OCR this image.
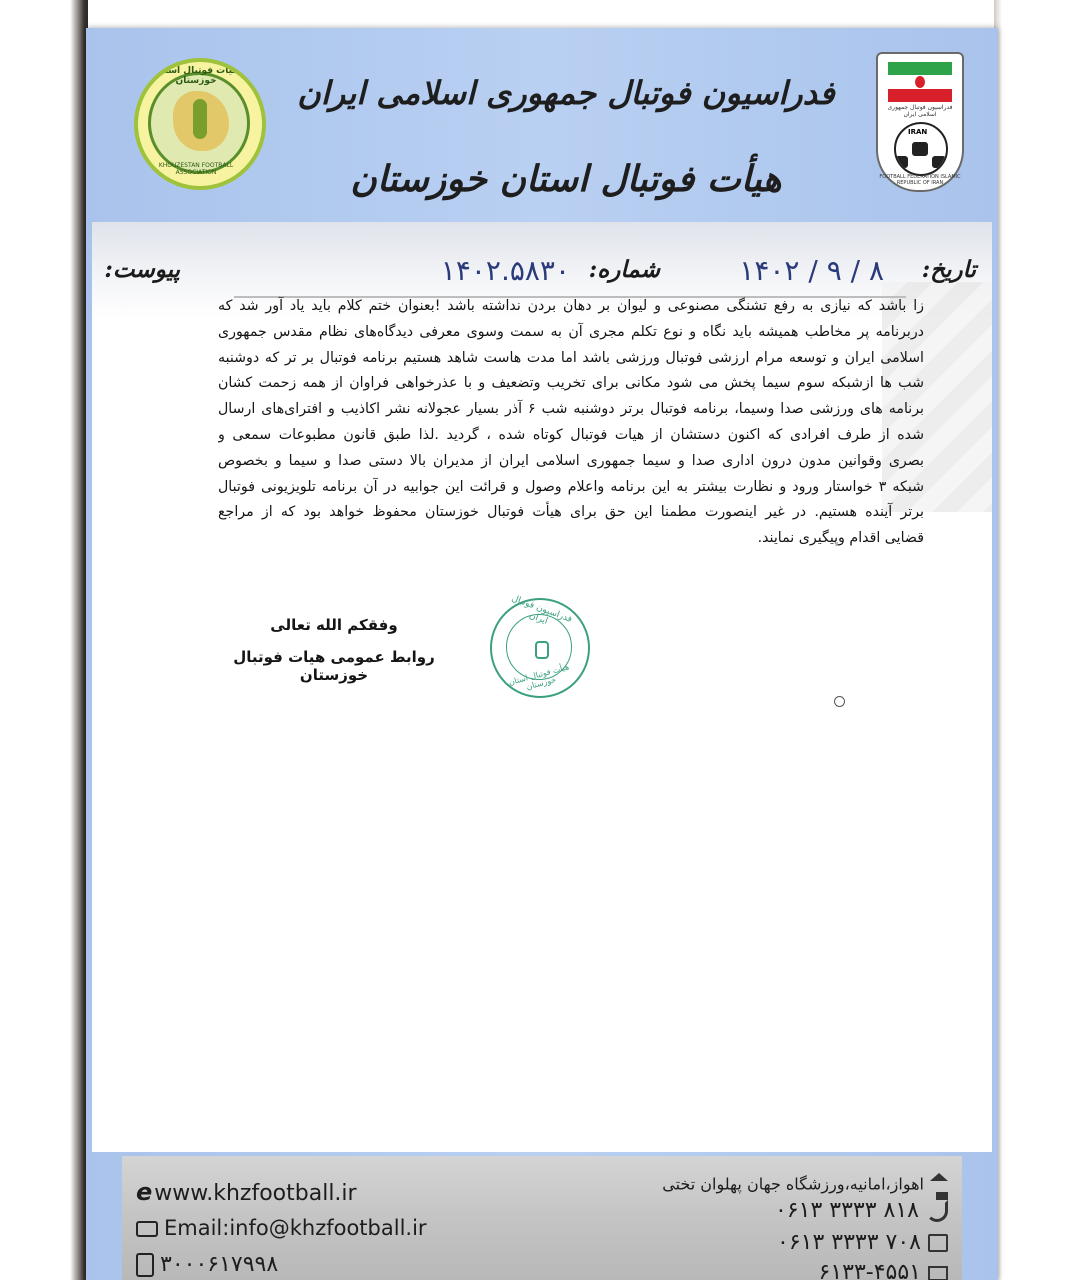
هیأت فوتبال استان خوزستان
KHOUZESTAN FOOTBALL ASSOCIATION
فدراسیون فوتبال جمهوری اسلامی ایران
هیأت فوتبال استان خوزستان
فدراسیون فوتبال جمهوری اسلامی ایران
IRAN
FOOTBALL FEDERATION ISLAMIC REPUBLIC OF IRAN
تاریخ:
۱۴۰۲ / ۹ / ۸
شماره:
۱۴۰۲.۵۸۳۰
پیوست:
زا باشد که نیازی به رفع تشنگی مصنوعی و لیوان بر دهان بردن نداشته باشد !بعنوان ختم کلام باید یاد آور شد که
دربرنامه پر مخاطب همیشه باید نگاه و نوع تکلم مجری آن به سمت وسوی معرفی دیدگاه‌های نظام مقدس جمهوری
اسلامی ایران و توسعه مرام ارزشی فوتبال ورزشی باشد اما مدت هاست شاهد هستیم برنامه فوتبال بر تر که دوشنبه
شب ها ازشبکه سوم سیما پخش می شود مکانی برای تخریب وتضعیف و با عذرخواهی فراوان از همه زحمت کشان
برنامه های ورزشی صدا وسیما، برنامه فوتبال برتر دوشنبه شب ۶ آذر بسیار عجولانه نشر اکاذیب و افترای‌های ارسال
شده از طرف افرادی که اکنون دستشان از هیات فوتبال کوتاه شده ، گردید .لذا طبق قانون مطبوعات سمعی و
بصری وقوانین مدون درون اداری صدا و سیما جمهوری اسلامی ایران از مدیران بالا دستی صدا و سیما و بخصوص
شبکه ۳ خواستار ورود و نظارت بیشتر به این برنامه واعلام وصول و قرائت این جوابیه در آن برنامه تلویزیونی فوتبال
برتر آینده هستیم. در غیر اینصورت مطمنا این حق برای هیأت فوتبال خوزستان محفوظ خواهد بود که از مراجع
قضایی اقدام وپیگیری نمایند.
وفقکم الله تعالی
روابط عمومی هیات فوتبال خوزستان
فدراسیون فوتبال ایران
هیأت فوتبال استان خوزستان
ewww.khzfootball.ir
Email:info@khzfootball.ir
۳۰۰۰۶۱۷۹۹۸

اهواز،امانیه،ورزشگاه جهان پهلوان تختی
۰۶۱۳ ۳۳۳۳ ۸۱۸
۰۶۱۳ ۳۳۳۳ ۷۰۸
۶۱۳۳-۴۵۵۱
